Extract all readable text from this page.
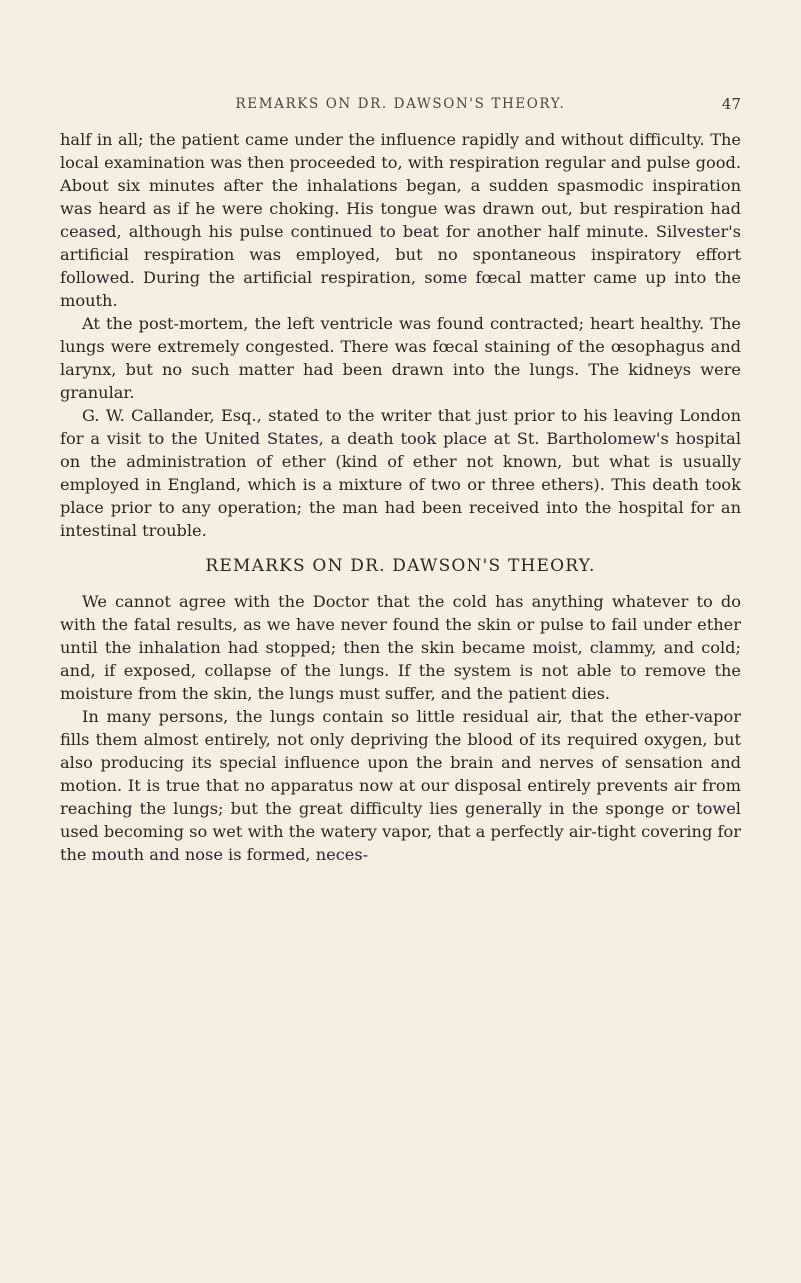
REMARKS ON DR. DAWSON'S THEORY.	47

half in all; the patient came under the influence rapidly and without difficulty. The local examination was then proceeded to, with respiration regular and pulse good. About six minutes after the inhalations began, a sudden spasmodic inspiration was heard as if he were choking. His tongue was drawn out, but respiration had ceased, although his pulse continued to beat for another half minute. Silvester's artificial respiration was employed, but no spontaneous inspiratory effort followed. During the artificial respiration, some fœcal matter came up into the mouth.

At the post-mortem, the left ventricle was found contracted; heart healthy. The lungs were extremely congested. There was fœcal staining of the œsophagus and larynx, but no such matter had been drawn into the lungs. The kidneys were granular.

G. W. Callander, Esq., stated to the writer that just prior to his leaving London for a visit to the United States, a death took place at St. Bartholomew's hospital on the administration of ether (kind of ether not known, but what is usually employed in England, which is a mixture of two or three ethers). This death took place prior to any operation; the man had been received into the hospital for an intestinal trouble.

REMARKS ON DR. DAWSON'S THEORY.

We cannot agree with the Doctor that the cold has anything whatever to do with the fatal results, as we have never found the skin or pulse to fail under ether until the inhalation had stopped; then the skin became moist, clammy, and cold; and, if exposed, collapse of the lungs. If the system is not able to remove the moisture from the skin, the lungs must suffer, and the patient dies.

In many persons, the lungs contain so little residual air, that the ether-vapor fills them almost entirely, not only depriving the blood of its required oxygen, but also producing its special influence upon the brain and nerves of sensation and motion. It is true that no apparatus now at our disposal entirely prevents air from reaching the lungs; but the great difficulty lies generally in the sponge or towel used becoming so wet with the watery vapor, that a perfectly air-tight covering for the mouth and nose is formed, neces-
